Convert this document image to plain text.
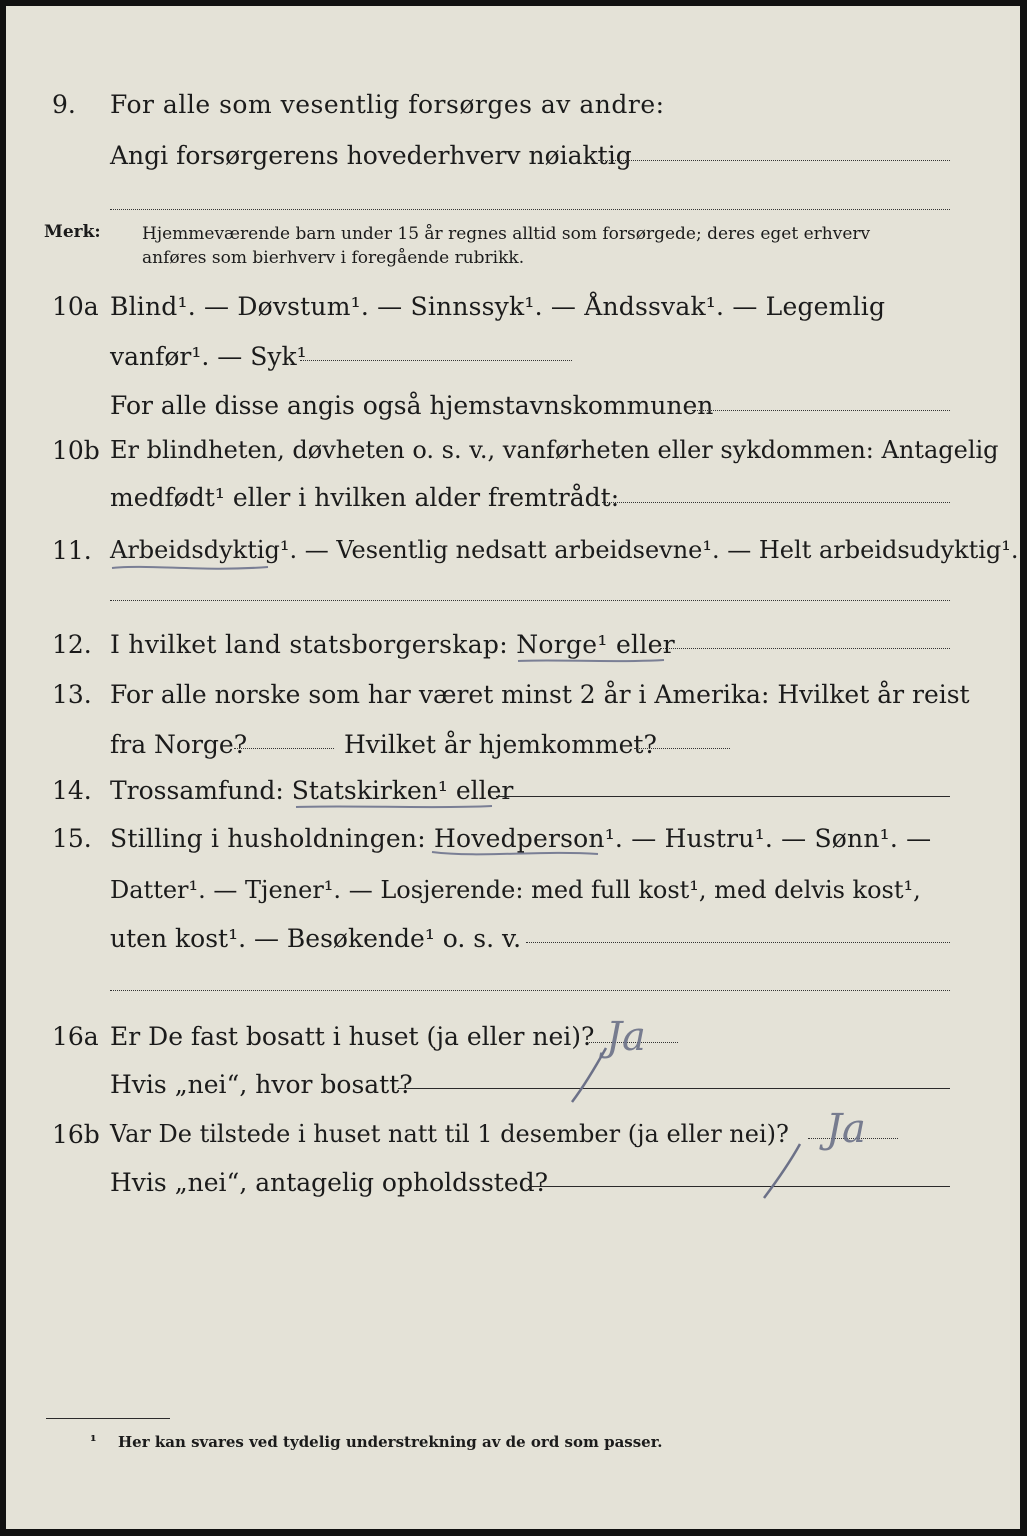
9. For alle som vesentlig forsørges av andre:
Angi forsørgerens hovederhverv nøiaktig
Merk: Hjemmeværende barn under 15 år regnes alltid som forsørgede; deres eget erhverv
anføres som bierhverv i foregående rubrikk.
10a Blind¹. — Døvstum¹. — Sinnssyk¹. — Åndssvak¹. — Legemlig
vanfør¹. — Syk¹
For alle disse angis også hjemstavnskommunen
10b Er blindheten, døvheten o. s. v., vanførheten eller sykdommen: Antagelig
medfødt¹ eller i hvilken alder fremtrådt:
11. Arbeidsdyktig¹. — Vesentlig nedsatt arbeidsevne¹. — Helt arbeidsudyktig¹.
12. I hvilket land statsborgerskap: Norge¹ eller
13. For alle norske som har været minst 2 år i Amerika: Hvilket år reist
fra Norge?	Hvilket år hjemkommet?
14. Trossamfund: Statskirken¹ eller
15. Stilling i husholdningen: Hovedperson¹. — Hustru¹. — Sønn¹. —
Datter¹. — Tjener¹. — Losjerende: med full kost¹, med delvis kost¹,
uten kost¹. — Besøkende¹ o. s. v.
16a Er De fast bosatt i huset (ja eller nei)? Ja
Hvis „nei“, hvor bosatt?
16b Var De tilstede i huset natt til 1 desember (ja eller nei)? Ja
Hvis „nei“, antagelig opholdssted?
¹ Her kan svares ved tydelig understrekning av de ord som passer.
